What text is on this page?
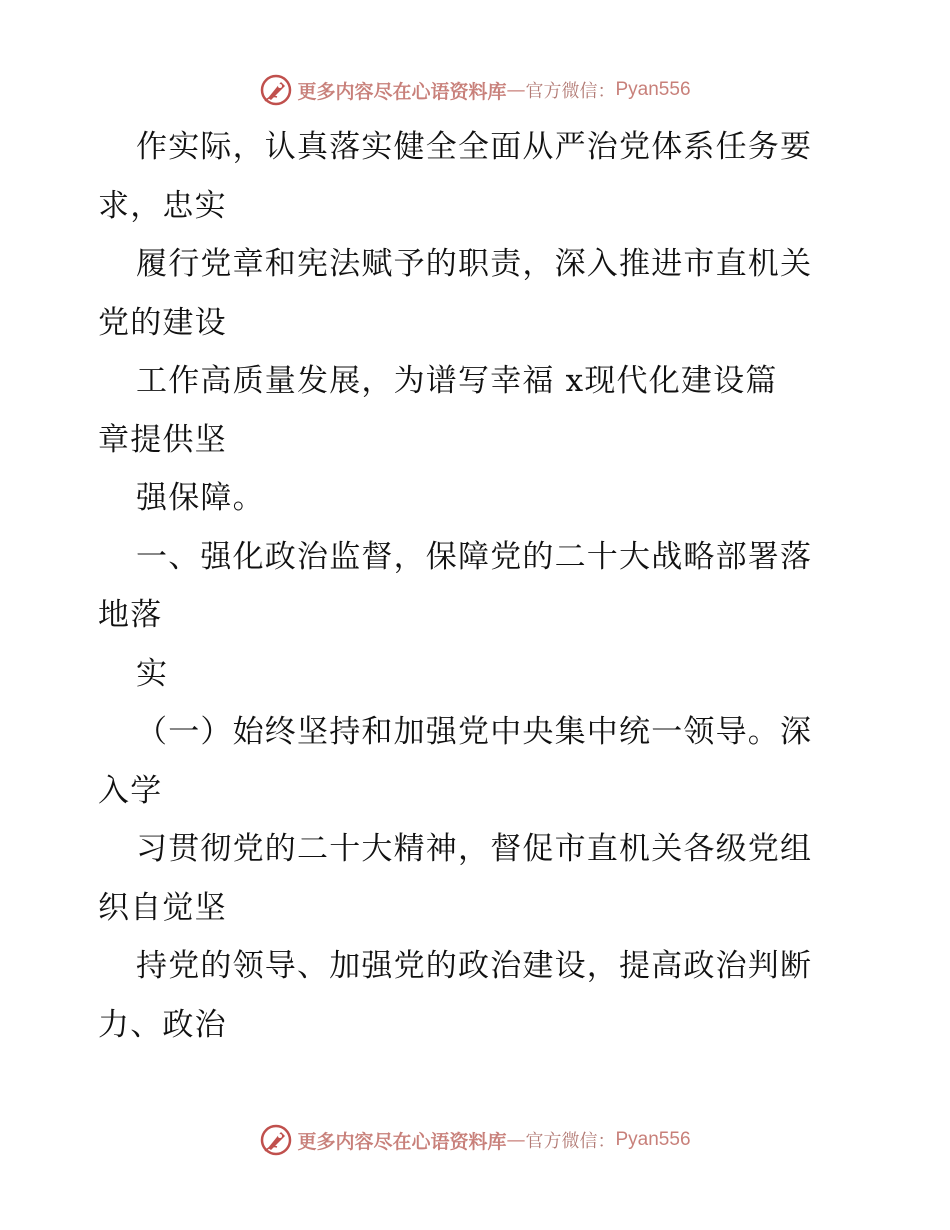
更多内容尽在心语资料库 — 官方微信： Pyan556
作实际，认真落实健全全面从严治党体系任务要
求，忠实
履行党章和宪法赋予的职责，深入推进市直机关
党的建设
工作高质量发展，为谱写幸福 x现代化建设篇
章提供坚
强保障。
一、强化政治监督，保障党的二十大战略部署落
地落
实
（一）始终坚持和加强党中央集中统一领导。深
入学
习贯彻党的二十大精神，督促市直机关各级党组
织自觉坚
持党的领导、加强党的政治建设，提高政治判断
力、政治
更多内容尽在心语资料库 — 官方微信： Pyan556
